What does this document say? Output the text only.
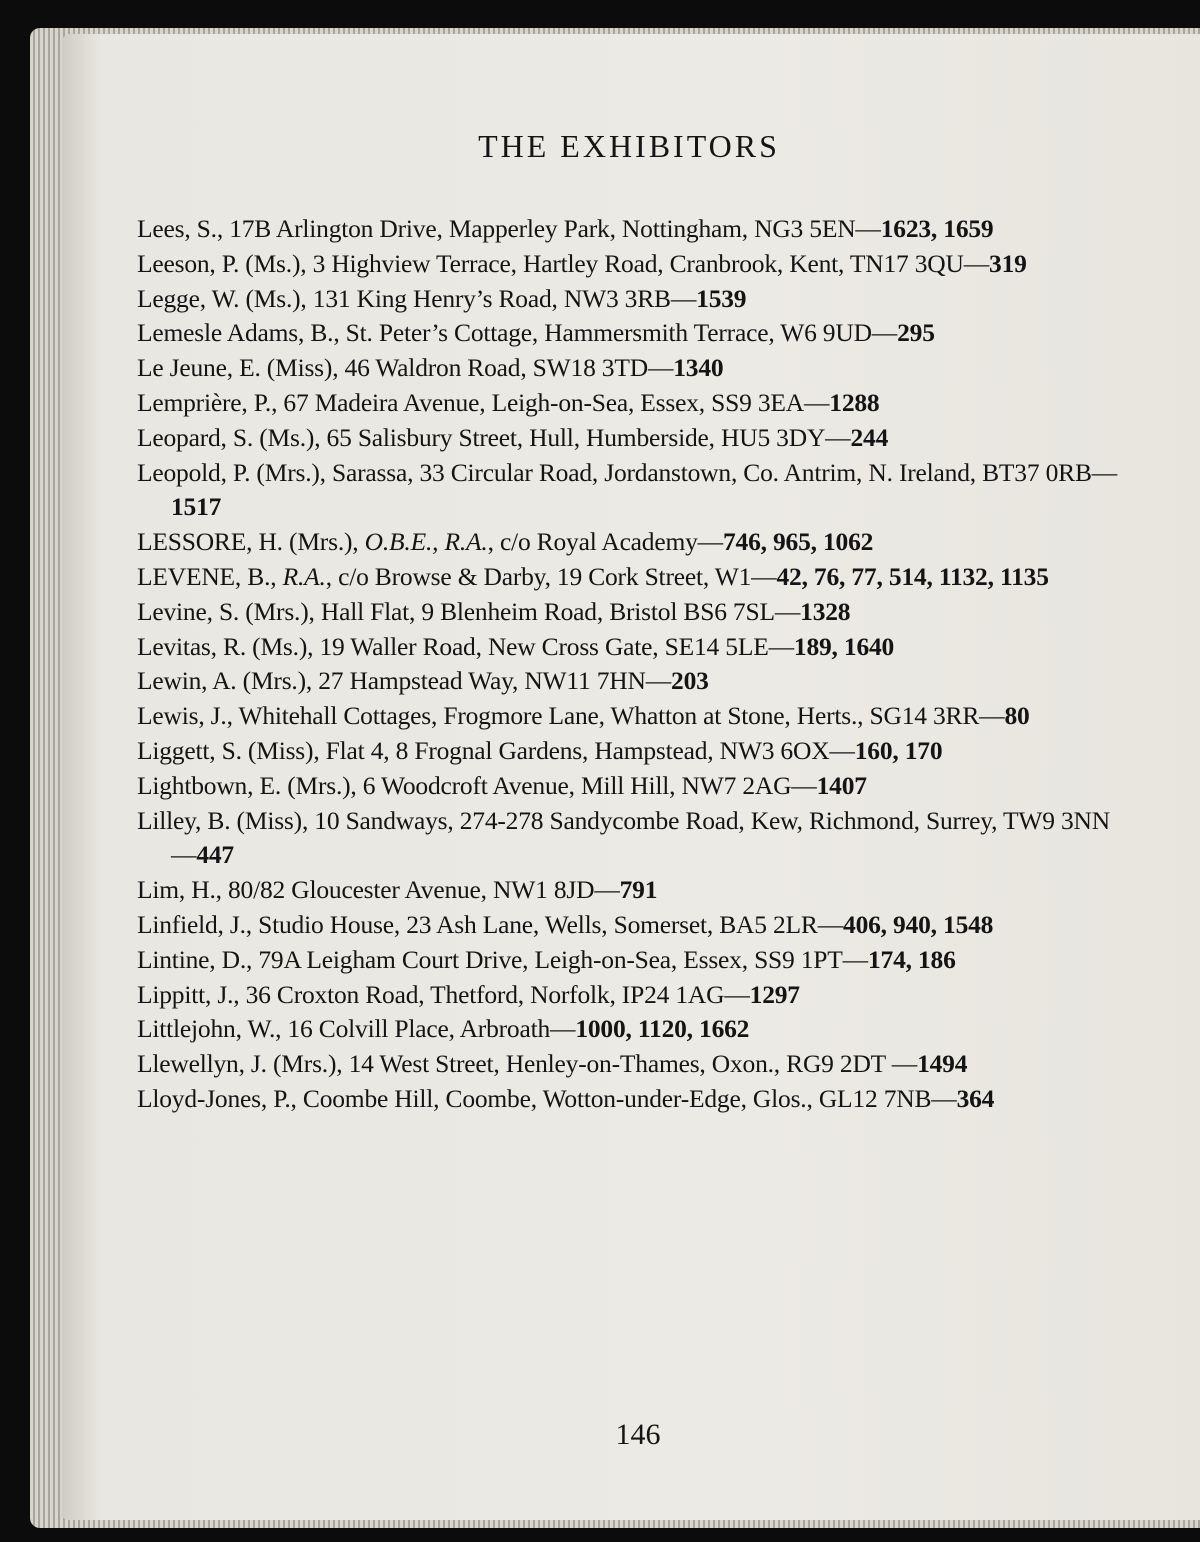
THE EXHIBITORS

Lees, S., 17B Arlington Drive, Mapperley Park, Nottingham, NG3 5EN—1623, 1659

Leeson, P. (Ms.), 3 Highview Terrace, Hartley Road, Cranbrook, Kent, TN17 3QU—319

Legge, W. (Ms.), 131 King Henry’s Road, NW3 3RB—1539

Lemesle Adams, B., St. Peter’s Cottage, Hammersmith Terrace, W6 9UD—295

Le Jeune, E. (Miss), 46 Waldron Road, SW18 3TD—1340

Lemprière, P., 67 Madeira Avenue, Leigh-on-Sea, Essex, SS9 3EA—1288

Leopard, S. (Ms.), 65 Salisbury Street, Hull, Humberside, HU5 3DY—244

Leopold, P. (Mrs.), Sarassa, 33 Circular Road, Jordanstown, Co. Antrim, N. Ireland, BT37 0RB—1517

LESSORE, H. (Mrs.), O.B.E., R.A., c/o Royal Academy—746, 965, 1062

LEVENE, B., R.A., c/o Browse & Darby, 19 Cork Street, W1—42, 76, 77, 514, 1132, 1135

Levine, S. (Mrs.), Hall Flat, 9 Blenheim Road, Bristol BS6 7SL—1328

Levitas, R. (Ms.), 19 Waller Road, New Cross Gate, SE14 5LE—189, 1640

Lewin, A. (Mrs.), 27 Hampstead Way, NW11 7HN—203

Lewis, J., Whitehall Cottages, Frogmore Lane, Whatton at Stone, Herts., SG14 3RR—80

Liggett, S. (Miss), Flat 4, 8 Frognal Gardens, Hampstead, NW3 6OX—160, 170

Lightbown, E. (Mrs.), 6 Woodcroft Avenue, Mill Hill, NW7 2AG—1407

Lilley, B. (Miss), 10 Sandways, 274-278 Sandycombe Road, Kew, Richmond, Surrey, TW9 3NN—447

Lim, H., 80/82 Gloucester Avenue, NW1 8JD—791

Linfield, J., Studio House, 23 Ash Lane, Wells, Somerset, BA5 2LR—406, 940, 1548

Lintine, D., 79A Leigham Court Drive, Leigh-on-Sea, Essex, SS9 1PT—174, 186

Lippitt, J., 36 Croxton Road, Thetford, Norfolk, IP24 1AG—1297

Littlejohn, W., 16 Colvill Place, Arbroath—1000, 1120, 1662

Llewellyn, J. (Mrs.), 14 West Street, Henley-on-Thames, Oxon., RG9 2DT —1494

Lloyd-Jones, P., Coombe Hill, Coombe, Wotton-under-Edge, Glos., GL12 7NB—364

146
